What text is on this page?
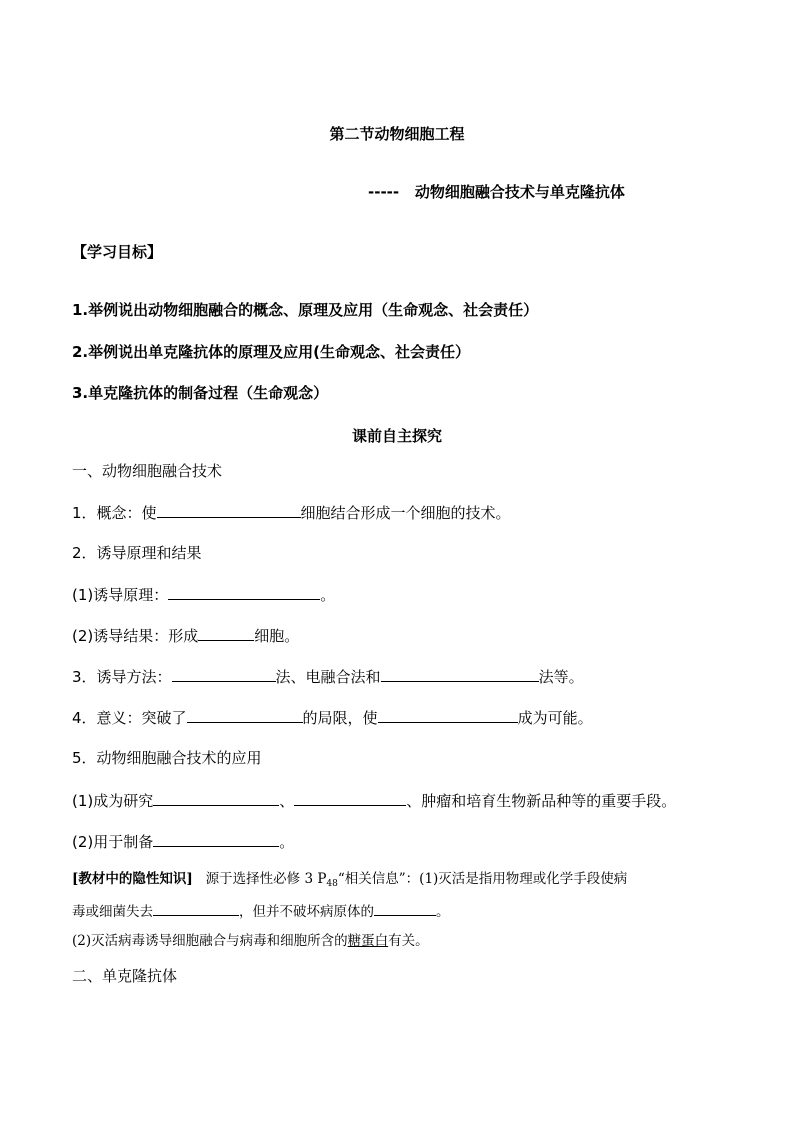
第二节动物细胞工程
----- 动物细胞融合技术与单克隆抗体
【学习目标】
1.举例说出动物细胞融合的概念、原理及应用（生命观念、社会责任）
2.举例说出单克隆抗体的原理及应用(生命观念、社会责任）
3.单克隆抗体的制备过程（生命观念）
课前自主探究
一、动物细胞融合技术
1．概念：使	细胞结合形成一个细胞的技术。
2．诱导原理和结果
(1)诱导原理：	。
(2)诱导结果：形成	细胞。
3．诱导方法：	法、电融合法和	法等。
4．意义：突破了	的局限，使	成为可能。
5．动物细胞融合技术的应用
(1)成为研究	、	、肿瘤和培育生物新品种等的重要手段。
(2)用于制备	。
[教材中的隐性知识] 源于选择性必修 3 $P_{48}“$相关信息”：(1)灭活是指用物理或化学手段使病
毒或细菌失去	，但并不破坏病原体的	。
(2)灭活病毒诱导细胞融合与病毒和细胞所含的糖蛋白有关。
二、单克隆抗体
